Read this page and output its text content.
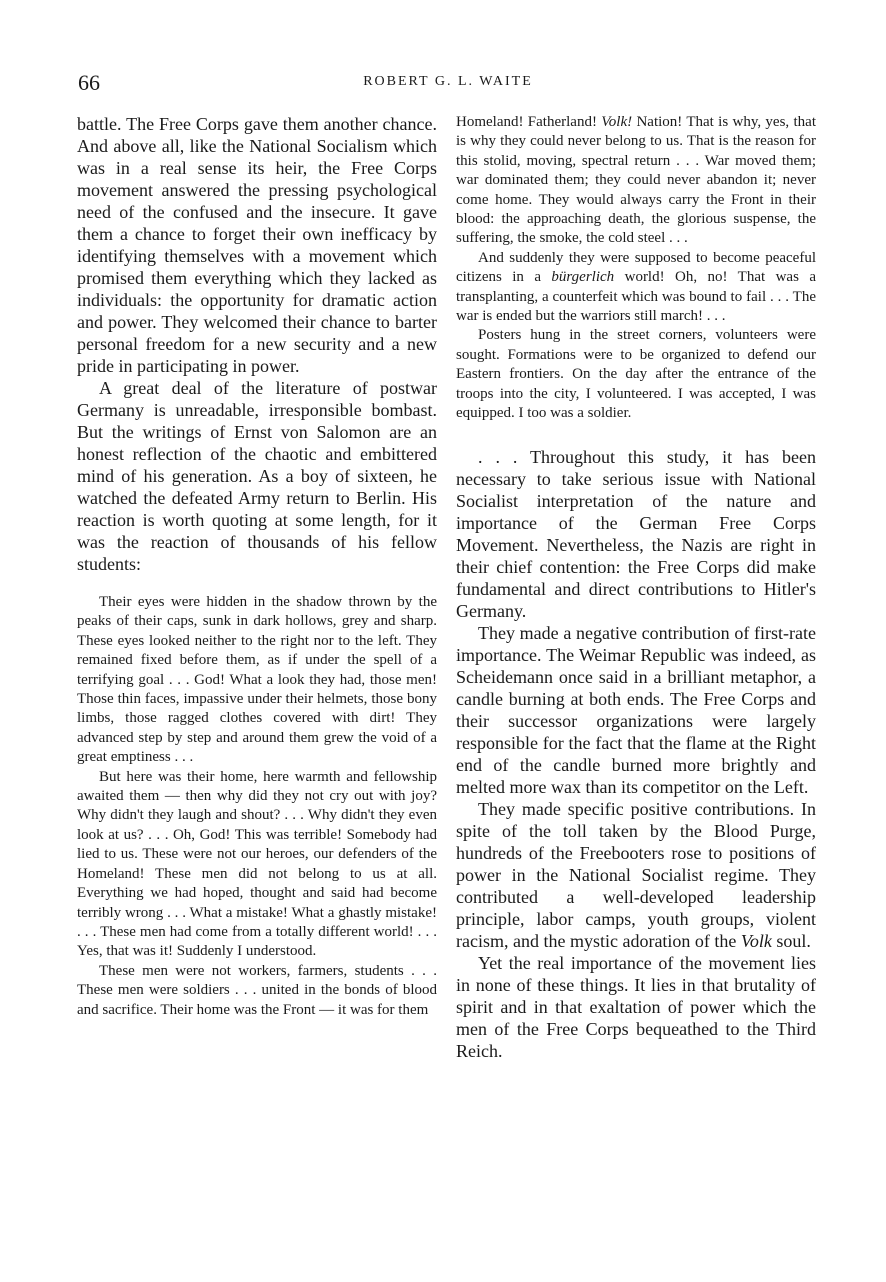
66	ROBERT G. L. WAITE

battle. The Free Corps gave them another chance. And above all, like the National Socialism which was in a real sense its heir, the Free Corps movement answered the pressing psychological need of the confused and the insecure. It gave them a chance to forget their own inefficacy by identifying themselves with a movement which promised them everything which they lacked as individuals: the opportunity for dramatic action and power. They welcomed their chance to barter personal freedom for a new security and a new pride in participating in power.

A great deal of the literature of postwar Germany is unreadable, irresponsible bombast. But the writings of Ernst von Salomon are an honest reflection of the chaotic and embittered mind of his generation. As a boy of sixteen, he watched the defeated Army return to Berlin. His reaction is worth quoting at some length, for it was the reaction of thousands of his fellow students:

Their eyes were hidden in the shadow thrown by the peaks of their caps, sunk in dark hollows, grey and sharp. These eyes looked neither to the right nor to the left. They remained fixed before them, as if under the spell of a terrifying goal . . . God! What a look they had, those men! Those thin faces, impassive under their helmets, those bony limbs, those ragged clothes covered with dirt! They advanced step by step and around them grew the void of a great emptiness . . .

But here was their home, here warmth and fellowship awaited them — then why did they not cry out with joy? Why didn't they laugh and shout? . . . Why didn't they even look at us? . . . Oh, God! This was terrible! Somebody had lied to us. These were not our heroes, our defenders of the Homeland! These men did not belong to us at all. Everything we had hoped, thought and said had become terribly wrong . . . What a mistake! What a ghastly mistake! . . . These men had come from a totally different world! . . . Yes, that was it! Suddenly I understood.

These men were not workers, farmers, students . . . These men were soldiers . . . united in the bonds of blood and sacrifice. Their home was the Front — it was for them

Homeland! Fatherland! Volk! Nation! That is why, yes, that is why they could never belong to us. That is the reason for this stolid, moving, spectral return . . . War moved them; war dominated them; they could never abandon it; never come home. They would always carry the Front in their blood: the approaching death, the glorious suspense, the suffering, the smoke, the cold steel . . .

And suddenly they were supposed to become peaceful citizens in a bürgerlich world! Oh, no! That was a transplanting, a counterfeit which was bound to fail . . . The war is ended but the warriors still march! . . .

Posters hung in the street corners, volunteers were sought. Formations were to be organized to defend our Eastern frontiers. On the day after the entrance of the troops into the city, I volunteered. I was accepted, I was equipped. I too was a soldier.

. . . Throughout this study, it has been necessary to take serious issue with National Socialist interpretation of the nature and importance of the German Free Corps Movement. Nevertheless, the Nazis are right in their chief contention: the Free Corps did make fundamental and direct contributions to Hitler's Germany.

They made a negative contribution of first-rate importance. The Weimar Republic was indeed, as Scheidemann once said in a brilliant metaphor, a candle burning at both ends. The Free Corps and their successor organizations were largely responsible for the fact that the flame at the Right end of the candle burned more brightly and melted more wax than its competitor on the Left.

They made specific positive contributions. In spite of the toll taken by the Blood Purge, hundreds of the Freebooters rose to positions of power in the National Socialist regime. They contributed a well-developed leadership principle, labor camps, youth groups, violent racism, and the mystic adoration of the Volk soul.

Yet the real importance of the movement lies in none of these things. It lies in that brutality of spirit and in that exaltation of power which the men of the Free Corps bequeathed to the Third Reich.
